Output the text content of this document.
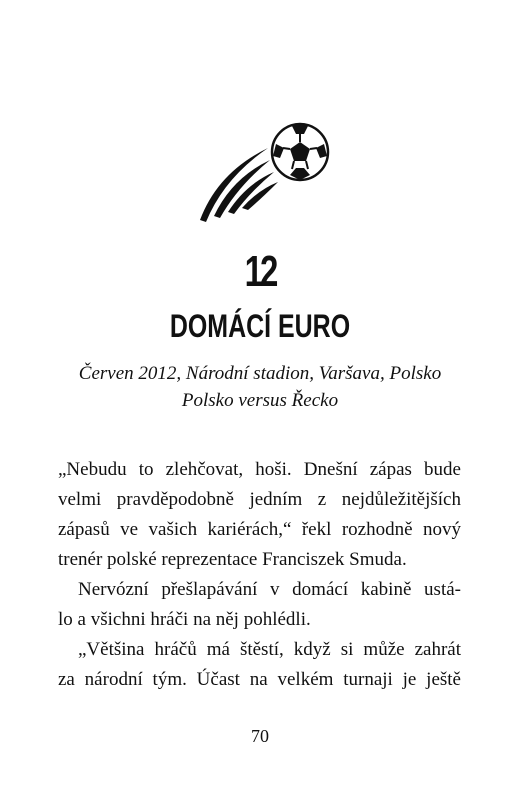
12
DOMÁCÍ EURO
Červen 2012, Národní stadion, Varšava, Polsko
Polsko versus Řecko
„Nebudu to zlehčovat, hoši. Dnešní zápas bude
velmi pravděpodobně jedním z nejdůležitějších
zápasů ve vašich kariérách,“ řekl rozhodně nový
trenér polské reprezentace Franciszek Smuda.
Nervózní přešlapávání v domácí kabině ustá-
lo a všichni hráči na něj pohlédli.
„Většina hráčů má štěstí, když si může zahrát
za národní tým. Účast na velkém turnaji je ještě
70
